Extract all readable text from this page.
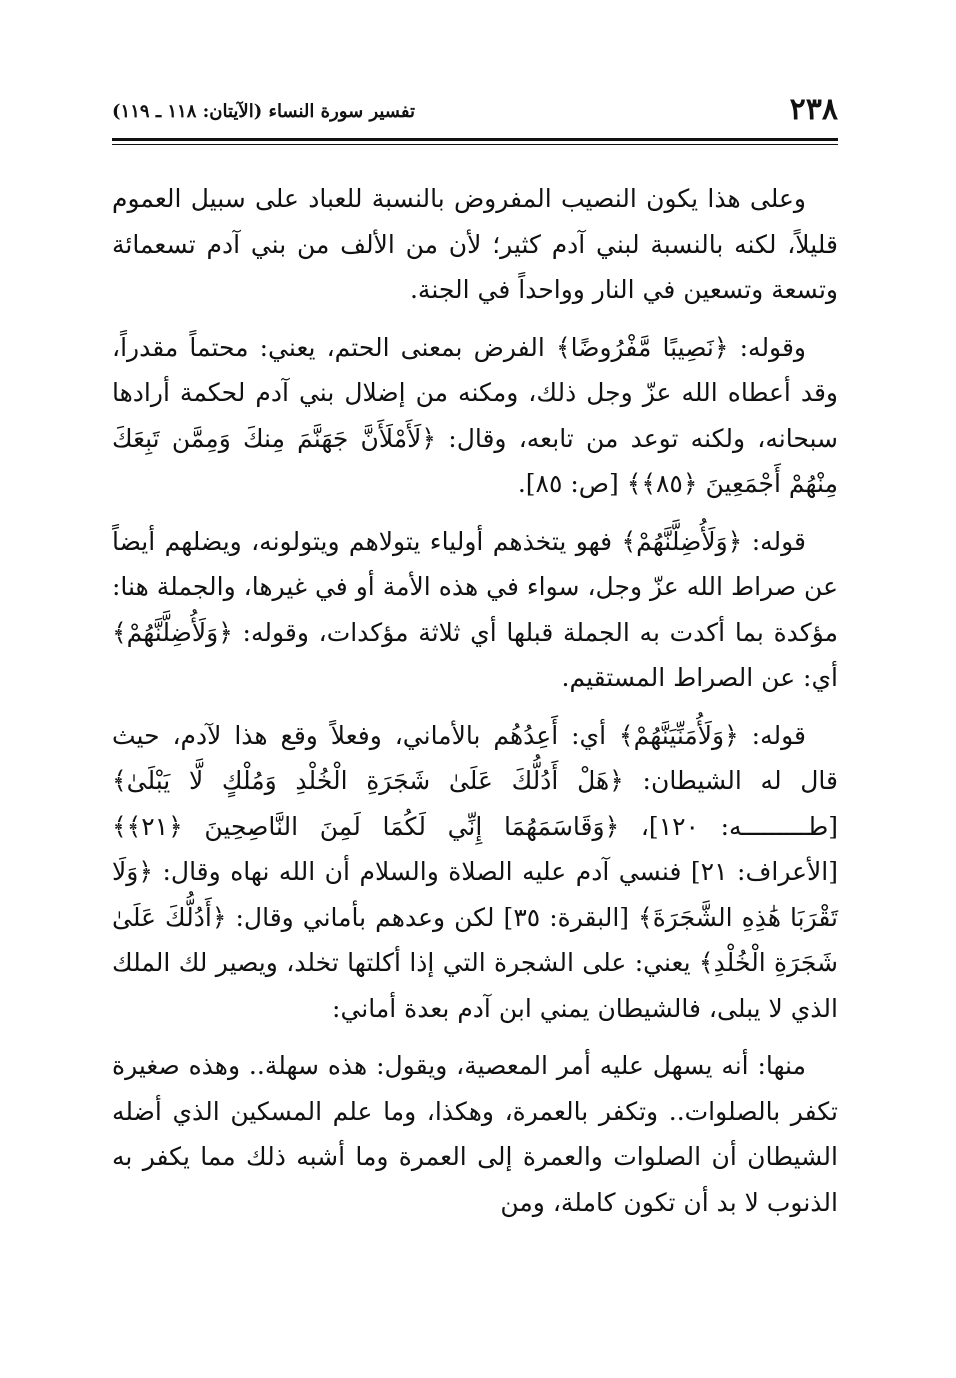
٢٣٨
تفسير سورة النساء (الآيتان: ١١٨ ـ ١١٩)

وعلى هذا يكون النصيب المفروض بالنسبة للعباد على سبيل العموم قليلاً، لكنه بالنسبة لبني آدم كثير؛ لأن من الألف من بني آدم تسعمائة وتسعة وتسعين في النار وواحداً في الجنة.

وقوله: ﴿نَصِيبًا مَّفْرُوضًا﴾ الفرض بمعنى الحتم، يعني: محتماً مقدراً، وقد أعطاه الله عزّ وجل ذلك، ومكنه من إضلال بني آدم لحكمة أرادها سبحانه، ولكنه توعد من تابعه، وقال: ﴿لَأَمْلَأَنَّ جَهَنَّمَ مِنكَ وَمِمَّن تَبِعَكَ مِنْهُمْ أَجْمَعِينَ ﴿٨٥﴾﴾ [ص: ٨٥].

قوله: ﴿وَلَأُضِلَّنَّهُمْ﴾ فهو يتخذهم أولياء يتولاهم ويتولونه، ويضلهم أيضاً عن صراط الله عزّ وجل، سواء في هذه الأمة أو في غيرها، والجملة هنا: مؤكدة بما أكدت به الجملة قبلها أي ثلاثة مؤكدات، وقوله: ﴿وَلَأُضِلَّنَّهُمْ﴾ أي: عن الصراط المستقيم.

قوله: ﴿وَلَأُمَنِّيَنَّهُمْ﴾ أي: أَعِدُهُم بالأماني، وفعلاً وقع هذا لآدم، حيث قال له الشيطان: ﴿هَلْ أَدُلُّكَ عَلَىٰ شَجَرَةِ الْخُلْدِ وَمُلْكٍ لَّا يَبْلَىٰ﴾ [طـــــــــه: ١٢٠]، ﴿وَقَاسَمَهُمَا إِنِّي لَكُمَا لَمِنَ النَّاصِحِينَ ﴿٢١﴾﴾ [الأعراف: ٢١] فنسي آدم عليه الصلاة والسلام أن الله نهاه وقال: ﴿وَلَا تَقْرَبَا هَٰذِهِ الشَّجَرَةَ﴾ [البقرة: ٣٥] لكن وعدهم بأماني وقال: ﴿أَدُلُّكَ عَلَىٰ شَجَرَةِ الْخُلْدِ﴾ يعني: على الشجرة التي إذا أكلتها تخلد، ويصير لك الملك الذي لا يبلى، فالشيطان يمني ابن آدم بعدة أماني:

منها: أنه يسهل عليه أمر المعصية، ويقول: هذه سهلة.. وهذه صغيرة تكفر بالصلوات.. وتكفر بالعمرة، وهكذا، وما علم المسكين الذي أضله الشيطان أن الصلوات والعمرة إلى العمرة وما أشبه ذلك مما يكفر به الذنوب لا بد أن تكون كاملة، ومن
